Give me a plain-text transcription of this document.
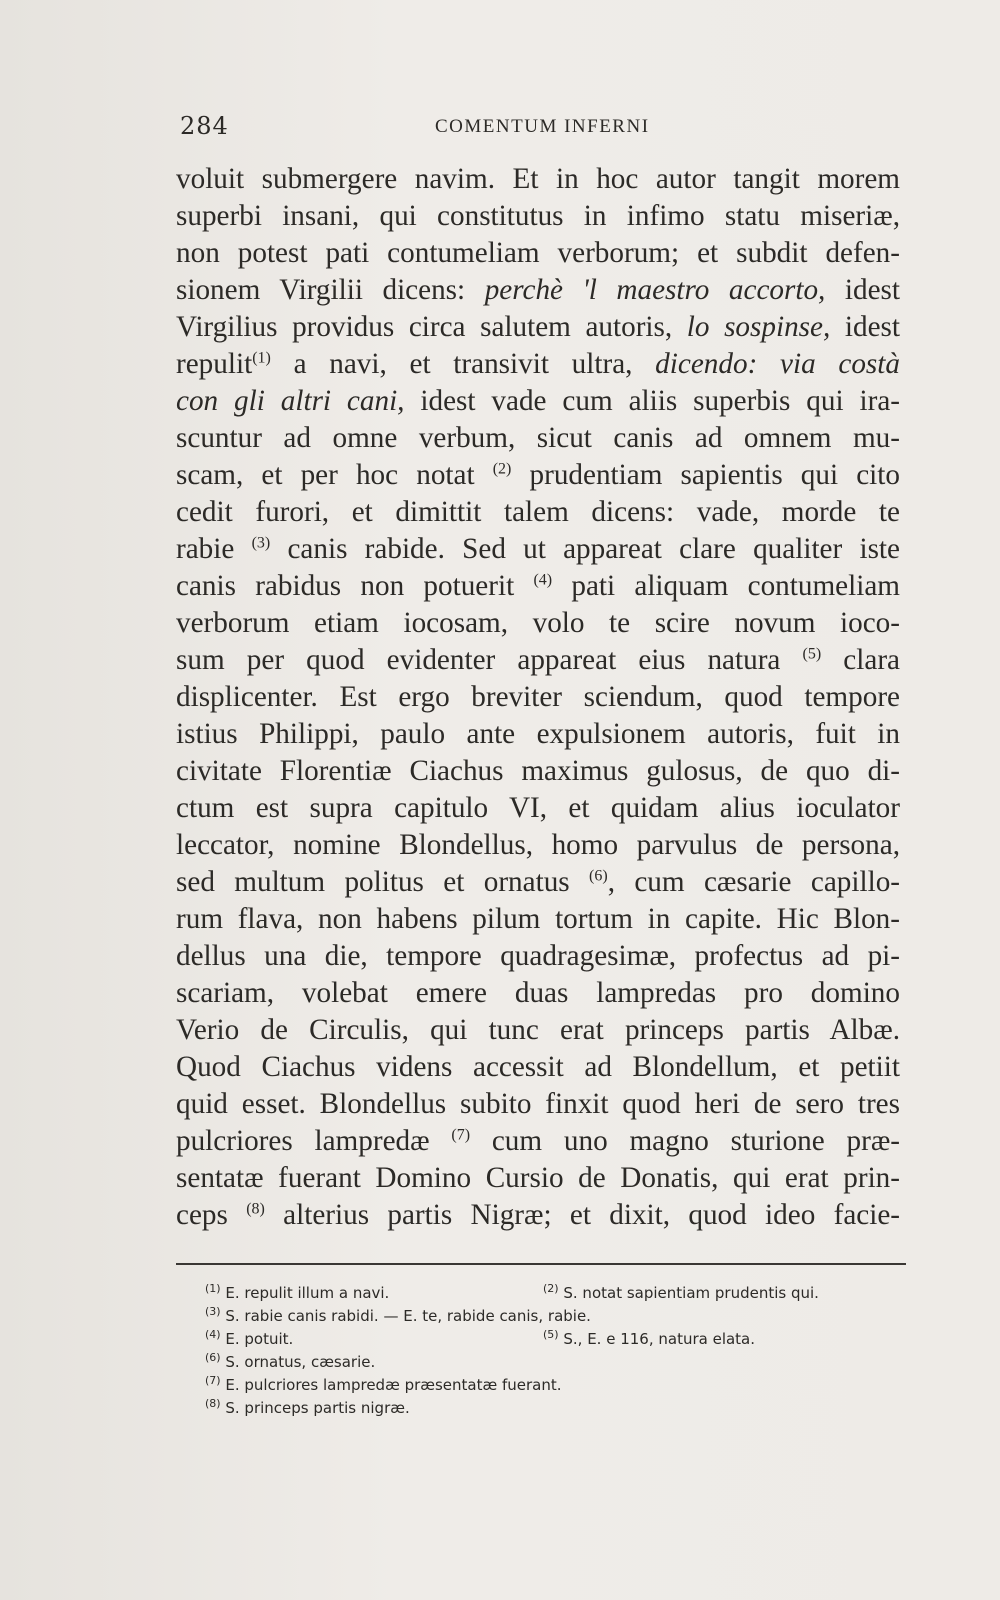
284	COMENTUM INFERNI
voluit submergere navim. Et in hoc autor tangit morem
superbi insani, qui constitutus in infimo statu miseriæ,
non potest pati contumeliam verborum; et subdit defen-
sionem Virgilii dicens: perchè 'l maestro accorto, idest
Virgilius providus circa salutem autoris, lo sospinse, idest
repulit$^{(1)}$ a navi, et transivit ultra, dicendo: via costà
con gli altri cani, idest vade cum aliis superbis qui ira-
scuntur ad omne verbum, sicut canis ad omnem mu-
scam, et per hoc notat $^{(2)}$ prudentiam sapientis qui cito
cedit furori, et dimittit talem dicens: vade, morde te
rabie $^{(3)}$ canis rabide. Sed ut appareat clare qualiter iste
canis rabidus non potuerit $^{(4)}$ pati aliquam contumeliam
verborum etiam iocosam, volo te scire novum ioco-
sum per quod evidenter appareat eius natura $^{(5)}$ clara
displicenter. Est ergo breviter sciendum, quod tempore
istius Philippi, paulo ante expulsionem autoris, fuit in
civitate Florentiæ Ciachus maximus gulosus, de quo di-
ctum est supra capitulo VI, et quidam alius ioculator
leccator, nomine Blondellus, homo parvulus de persona,
sed multum politus et ornatus $^{(6)}$, cum cæsarie capillo-
rum flava, non habens pilum tortum in capite. Hic Blon-
dellus una die, tempore quadragesimæ, profectus ad pi-
scariam, volebat emere duas lampredas pro domino
Verio de Circulis, qui tunc erat princeps partis Albæ.
Quod Ciachus videns accessit ad Blondellum, et petiit
quid esset. Blondellus subito finxit quod heri de sero tres
pulcriores lampredæ $^{(7)}$ cum uno magno sturione præ-
sentatæ fuerant Domino Cursio de Donatis, qui erat prin-
ceps $^{(8)}$ alterius partis Nigræ; et dixit, quod ideo facie-
$^{(1)}$ E. repulit illum a navi.	$^{(2)}$ S. notat sapientiam prudentis qui.
$^{(3)}$ S. rabie canis rabidi. — E. te, rabide canis, rabie.
$^{(4)}$ E. potuit.	$^{(5)}$ S., E. e 116, natura elata.
$^{(6)}$ S. ornatus, cæsarie.
$^{(7)}$ E. pulcriores lampredæ præsentatæ fuerant.
$^{(8)}$ S. princeps partis nigræ.
